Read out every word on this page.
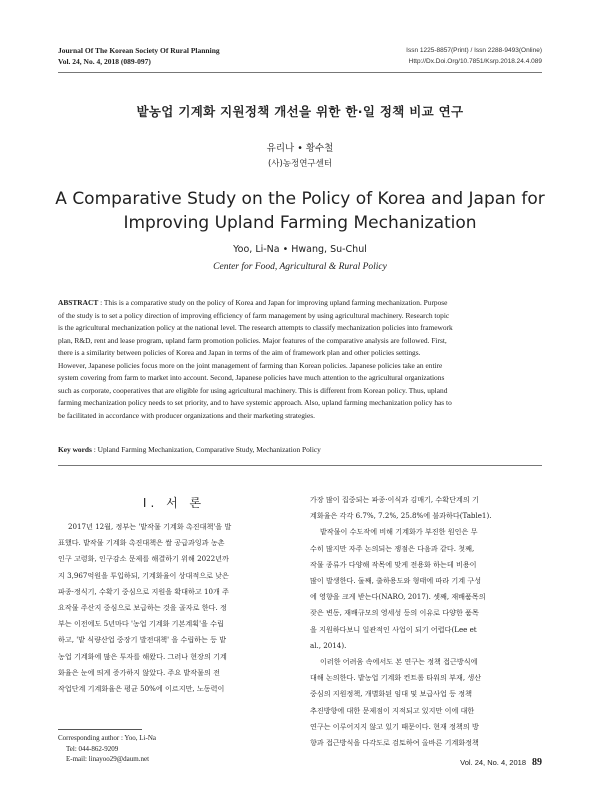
Journal Of The Korean Society Of Rural Planning
Vol. 24, No. 4, 2018 (089-097)
Issn 1225-8857(Print) / Issn 2288-9493(Online)
Http://Dx.Doi.Org/10.7851/Ksrp.2018.24.4.089
밭농업 기계화 지원정책 개선을 위한 한·일 정책 비교 연구
유리나 • 황수철
(사)농정연구센터
A Comparative Study on the Policy of Korea and Japan for
Improving Upland Farming Mechanization
Yoo, Li-Na • Hwang, Su-Chul
Center for Food, Agricultural & Rural Policy
ABSTRACT : This is a comparative study on the policy of Korea and Japan for improving upland farming mechanization. Purpose
of the study is to set a policy direction of improving efficiency of farm management by using agricultural machinery. Research topic
is the agricultural mechanization policy at the national level. The research attempts to classify mechanization policies into framework
plan, R&D, rent and lease program, upland farm promotion policies. Major features of the comparative analysis are followed. First,
there is a similarity between policies of Korea and Japan in terms of the aim of framework plan and other policies settings.
However, Japanese policies focus more on the joint management of farming than Korean policies. Japanese policies take an entire
system covering from farm to market into account. Second, Japanese policies have much attention to the agricultural organizations
such as corporate, cooperatives that are eligible for using agricultural machinery. This is different from Korean policy. Thus, upland
farming mechanization policy needs to set priority, and to have systemic approach. Also, upland farming mechanization policy has to
be facilitated in accordance with producer organizations and their marketing strategies.
Key words : Upland Farming Mechanization, Comparative Study, Mechanization Policy
Ⅰ. 서 론
2017년 12월, 정부는 '밭작물 기계화 촉진대책'을 발
표했다. 밭작물 기계화 촉진대책은 쌀 공급과잉과 농촌
인구 고령화, 인구감소 문제를 해결하기 위해 2022년까
지 3,967억원을 투입하되, 기계화율이 상대적으로 낮은
파종·정식기, 수확기 중심으로 지원을 확대하고 10개 주
요작물 주산지 중심으로 보급하는 것을 골자로 한다. 정
부는 이전에도 5년마다 '농업 기계화 기본계획'을 수립
하고, '밭 식량산업 중장기 발전대책' 을 수립하는 등 밭
농업 기계화에 많은 투자를 해왔다. 그러나 현장의 기계
화율은 눈에 띄게 증가하지 않았다. 주요 밭작물의 전
작업단계 기계화율은 평균 50%에 이르지만, 노동력이
가장 많이 집중되는 파종·이식과 김매기, 수확단계의 기
계화율은 각각 6.7%, 7.2%, 25.8%에 불과하다(Table1).
밭작물이 수도작에 비해 기계화가 부진한 원인은 무
수히 많지만 자주 논의되는 쟁점은 다음과 같다. 첫째,
작물 종류가 다양해 작목에 맞게 전용화 하는데 비용이
많이 발생한다. 둘째, 출하용도와 형태에 따라 기계 구성
에 영향을 크게 받는다(NARO, 2017). 셋째, 재배품목의
잦은 변동, 재배규모의 영세성 등의 이유로 다양한 품목
을 지원하다보니 일관적인 사업이 되기 어렵다(Lee et
al., 2014).
이러한 어려움 속에서도 본 연구는 정책 접근방식에
대해 논의한다. 밭농업 기계화 컨트롤 타워의 부재, 생산
중심의 지원정책, 개별화된 임대 및 보급사업 등 정책
추진방향에 대한 문제점이 지적되고 있지만 이에 대한
연구는 이루어지지 않고 있기 때문이다. 현재 정책의 방
향과 접근방식을 다각도로 검토하여 올바른 기계화정책
Corresponding author : Yoo, Li-Na
Tel: 044-862-9209
E-mail: linayoo29@daum.net	Vol. 24, No. 4, 2018 89
